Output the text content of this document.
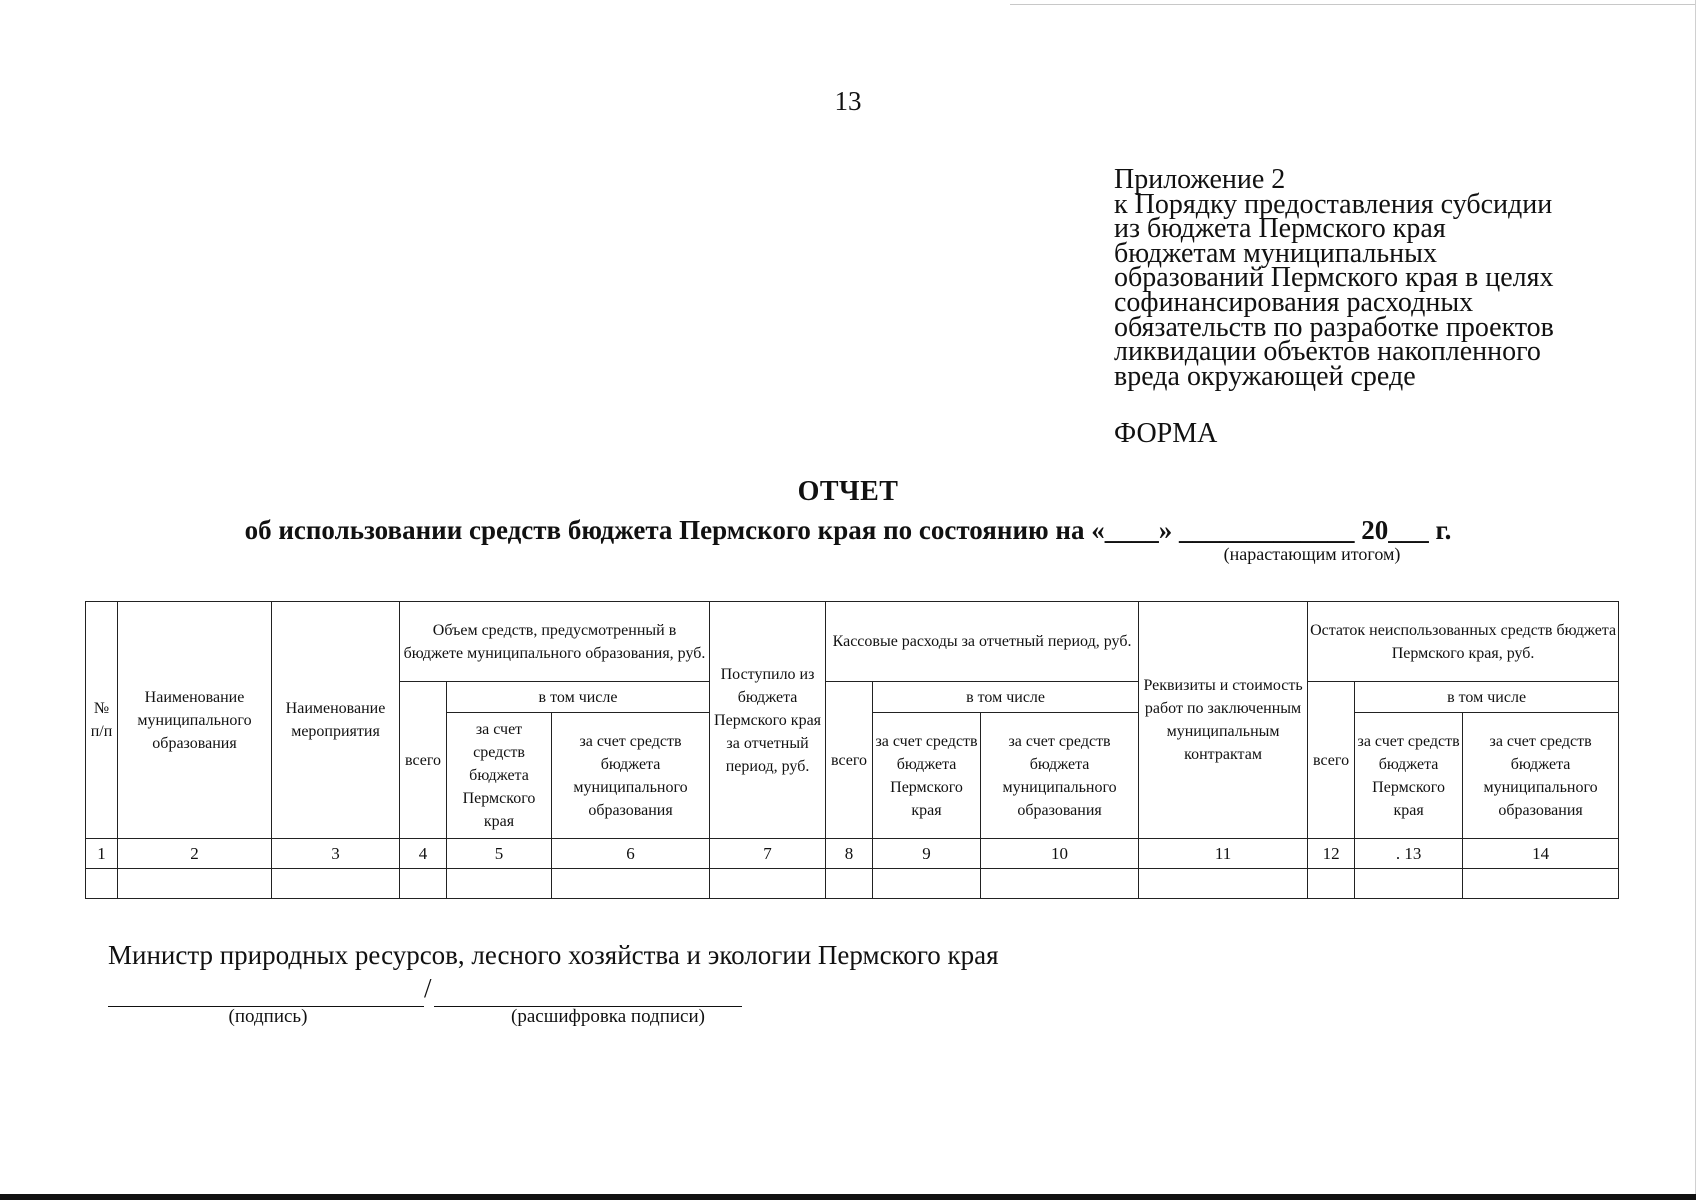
13
Приложение 2
к Порядку предоставления субсидии
из бюджета Пермского края
бюджетам муниципальных
образований Пермского края в целях
софинансирования расходных
обязательств по разработке проектов
ликвидации объектов накопленного
вреда окружающей среде
ФОРМА
ОТЧЕТ
об использовании средств бюджета Пермского края по состоянию на «____» _____________ 20___ г.
(нарастающим итогом)
№ п/п	Наименование муниципального образования	Наименование мероприятия	Объем средств, предусмотренный в бюджете муниципального образования, руб.			Поступило из бюджета Пермского края за отчетный период, руб.	Кассовые расходы за отчетный период, руб.			Реквизиты и стоимость работ по заключенным муниципальным контрактам	Остаток неиспользованных средств бюджета Пермского края, руб.		
			всего	в том числе			всего	в том числе			всего	в том числе	
				за счет средств бюджета Пермского края	за счет средств бюджета муниципального образования			за счет средств бюджета Пермского края	за счет средств бюджета муниципального образования			за счет средств бюджета Пермского края	за счет средств бюджета муниципального образования
1	2	3	4	5	6	7	8	9	10	11	12	. 13	14

Министр природных ресурсов, лесного хозяйства и экологии Пермского края
/
(подпись)	(расшифровка подписи)
